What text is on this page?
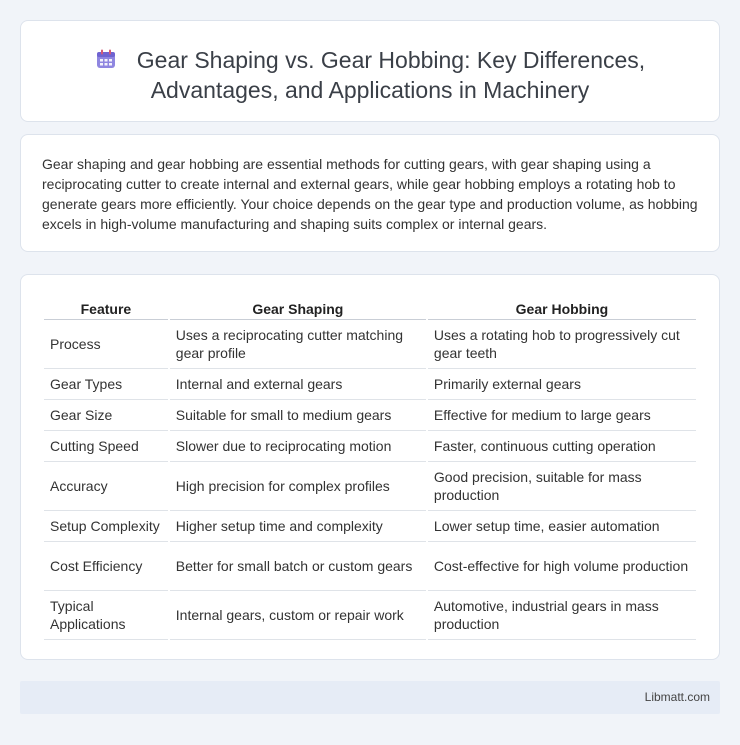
Gear Shaping vs. Gear Hobbing: Key Differences,
Advantages, and Applications in Machinery

Gear shaping and gear hobbing are essential methods for cutting gears, with gear shaping using a reciprocating cutter to create internal and external gears, while gear hobbing employs a rotating hob to generate gears more efficiently. Your choice depends on the gear type and production volume, as hobbing excels in high-volume manufacturing and shaping suits complex or internal gears.

Feature	Gear Shaping	Gear Hobbing
Process	Uses a reciprocating cutter matching gear profile	Uses a rotating hob to progressively cut gear teeth
Gear Types	Internal and external gears	Primarily external gears
Gear Size	Suitable for small to medium gears	Effective for medium to large gears
Cutting Speed	Slower due to reciprocating motion	Faster, continuous cutting operation
Accuracy	High precision for complex profiles	Good precision, suitable for mass production
Setup Complexity	Higher setup time and complexity	Lower setup time, easier automation
Cost Efficiency	Better for small batch or custom gears	Cost-effective for high volume production
Typical Applications	Internal gears, custom or repair work	Automotive, industrial gears in mass production
Libmatt.com
